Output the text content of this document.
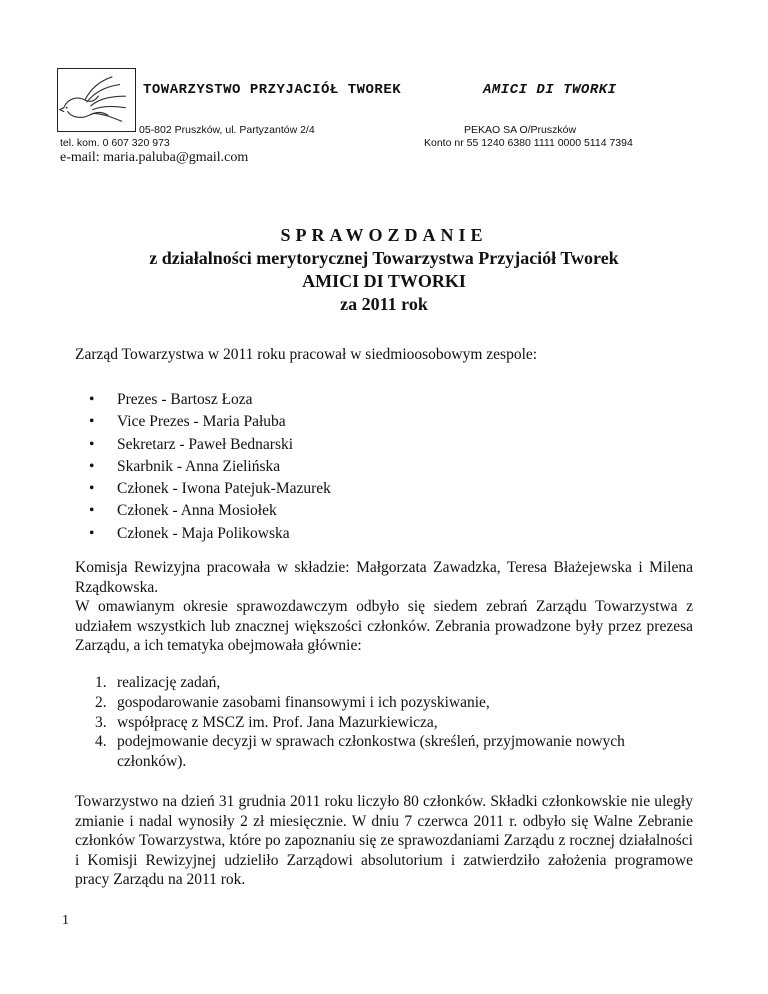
TOWARZYSTWO PRZYJACIÓŁ TWOREK	AMICI DI TWORKI
05-802 Pruszków, ul. Partyzantów 2/4
tel. kom. 0 607 320 973
PEKAO SA O/Pruszków
Konto nr 55 1240 6380 1111 0000 5114 7394
e-mail: maria.paluba@gmail.com
SPRAWOZDANIE
z działalności merytorycznej Towarzystwa Przyjaciół Tworek
AMICI DI TWORKI
za 2011 rok

Zarząd Towarzystwa w 2011 roku pracował w siedmioosobowym zespole:

• Prezes - Bartosz Łoza
• Vice Prezes - Maria Pałuba
• Sekretarz - Paweł Bednarski
• Skarbnik - Anna Zielińska
• Członek - Iwona Patejuk-Mazurek
• Członek - Anna Mosiołek
• Członek - Maja Polikowska
Komisja Rewizyjna pracowała w składzie: Małgorzata Zawadzka, Teresa Błażejewska i Milena Rządkowska.
W omawianym okresie sprawozdawczym odbyło się siedem zebrań Zarządu Towarzystwa z udziałem wszystkich lub znacznej większości członków. Zebrania prowadzone były przez prezesa Zarządu, a ich tematyka obejmowała głównie:
1. realizację zadań,
2. gospodarowanie zasobami finansowymi i ich pozyskiwanie,
3. współpracę z MSCZ im. Prof. Jana Mazurkiewicza,
4. podejmowanie decyzji w sprawach członkostwa (skreśleń, przyjmowanie nowych członków).

Towarzystwo na dzień 31 grudnia 2011 roku liczyło 80 członków. Składki członkowskie nie uległy zmianie i nadal wynosiły 2 zł miesięcznie. W dniu 7 czerwca 2011 r. odbyło się Walne Zebranie członków Towarzystwa, które po zapoznaniu się ze sprawozdaniami Zarządu z rocznej działalności i Komisji Rewizyjnej udzieliło Zarządowi absolutorium i zatwierdziło założenia programowe pracy Zarządu na 2011 rok.

1
